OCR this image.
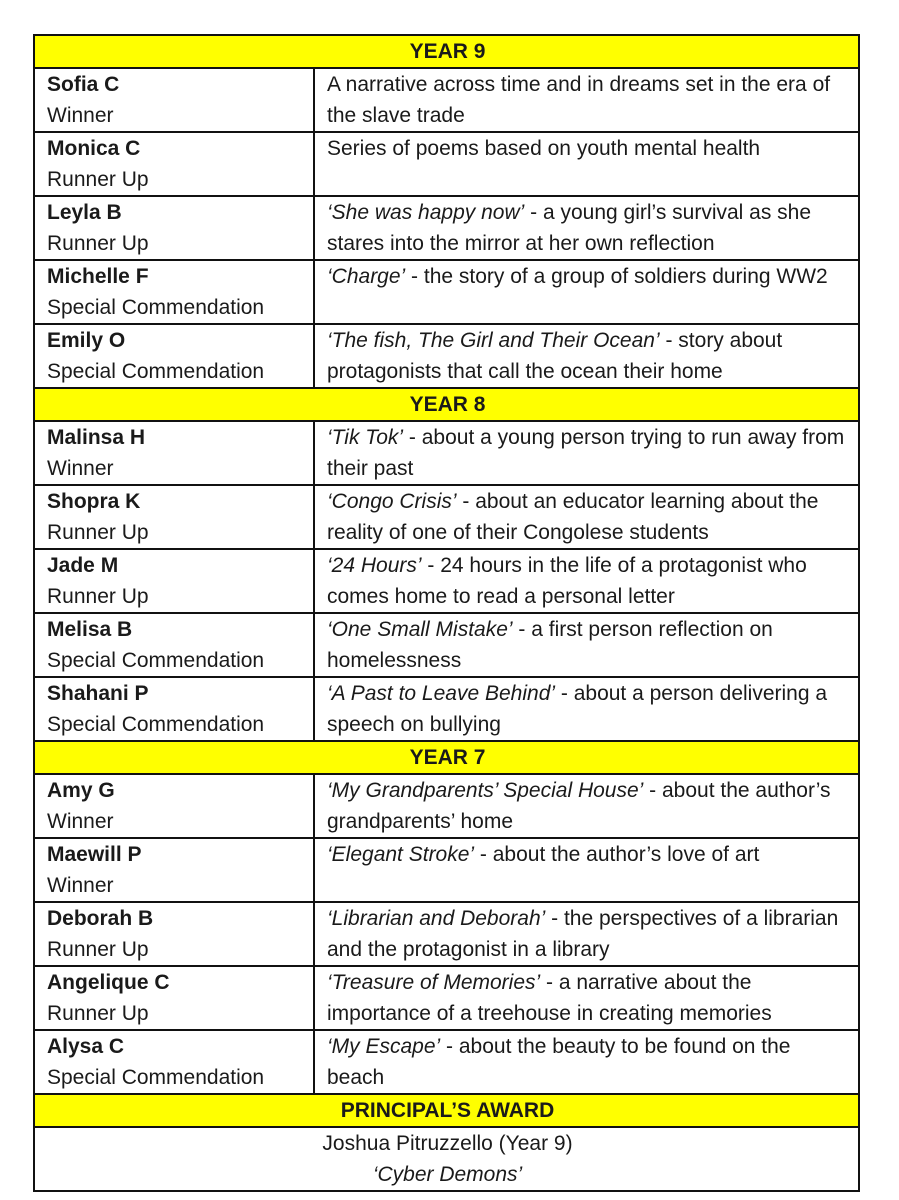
YEAR 9	

Sofia C
Winner	A narrative across time and in dreams set in the era of the slave trade

Monica C
Runner Up	Series of poems based on youth mental health

Leyla B
Runner Up	‘She was happy now’ - a young girl’s survival as she stares into the mirror at her own reflection

Michelle F
Special Commendation	‘Charge’ - the story of a group of soldiers during WW2

Emily O
Special Commendation	‘The fish, The Girl and Their Ocean’ - story about protagonists that call the ocean their home
YEAR 8	

Malinsa H
Winner	‘Tik Tok’ - about a young person trying to run away from their past

Shopra K
Runner Up	‘Congo Crisis’ - about an educator learning about the reality of one of their Congolese students

Jade M
Runner Up	‘24 Hours’ - 24 hours in the life of a protagonist who comes home to read a personal letter

Melisa B
Special Commendation	‘One Small Mistake’ - a first person reflection on homelessness

Shahani P
Special Commendation	‘A Past to Leave Behind’ - about a person delivering a speech on bullying
YEAR 7	

Amy G
Winner	‘My Grandparents’ Special House’ - about the author’s grandparents’ home

Maewill P
Winner	‘Elegant Stroke’ - about the author’s love of art

Deborah B
Runner Up	‘Librarian and Deborah’ - the perspectives of a librarian and the protagonist in a library

Angelique C
Runner Up	‘Treasure of Memories’ - a narrative about the importance of a treehouse in creating memories

Alysa C
Special Commendation	‘My Escape’ - about the beauty to be found on the beach
PRINCIPAL’S AWARD	

Joshua Pitruzzello (Year 9)
‘Cyber Demons’	
